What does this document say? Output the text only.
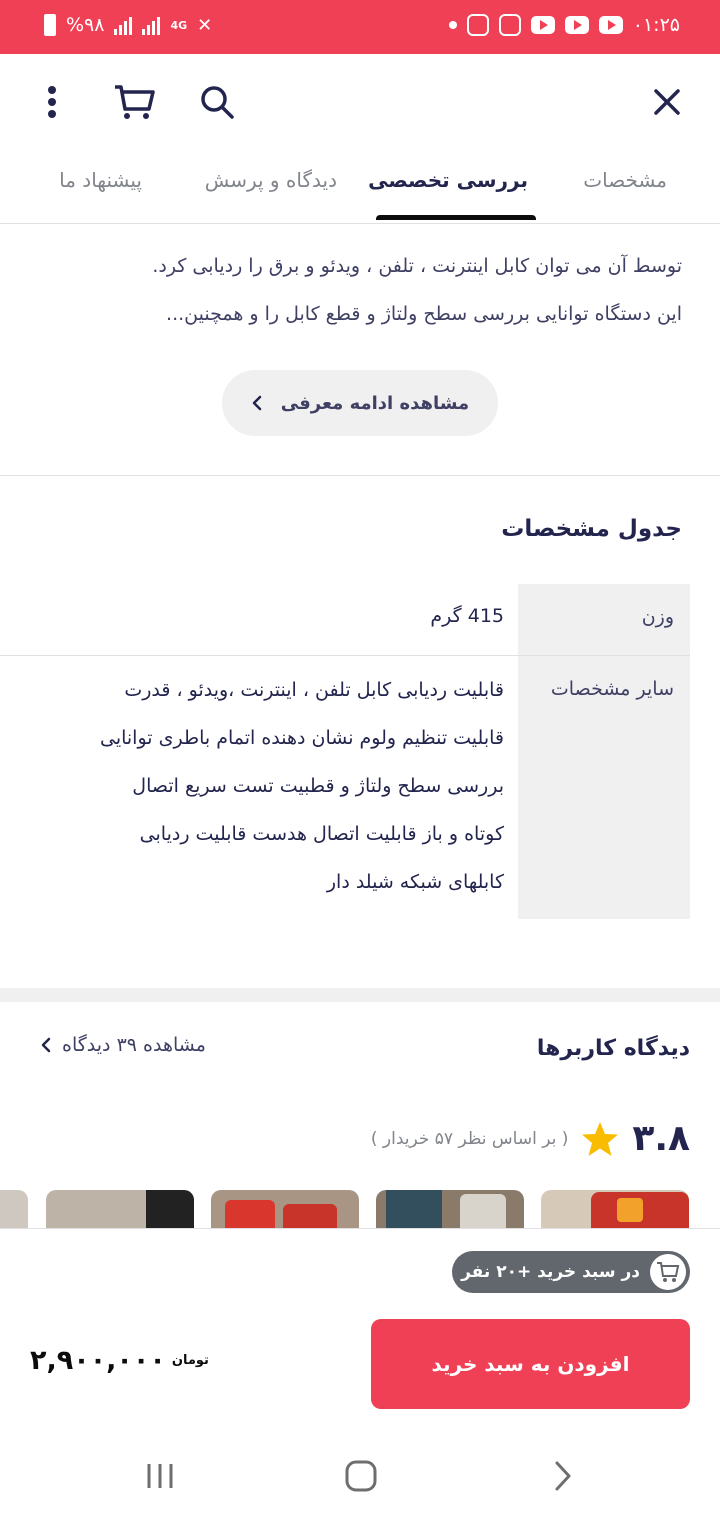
%۹۸	4G ✕	۰۱:۲۵
مشخصات
بررسی تخصصی
دیدگاه و پرسش
پیشنهاد ما
توسط آن می توان کابل اینترنت ، تلفن ، ویدئو و برق را ردیابی کرد.
این دستگاه توانایی بررسی سطح ولتاژ و قطع کابل را و همچنین...
مشاهده ادامه معرفی
جدول مشخصات
وزن
415 گرم
سایر مشخصات
قابلیت ردیابی کابل تلفن ، اینترنت ،ویدئو ، قدرت
قابلیت تنظیم ولوم نشان دهنده اتمام باطری توانایی
بررسی سطح ولتاژ و قطبیت تست سریع اتصال
کوتاه و باز قابلیت اتصال هدست قابلیت ردیابی
کابلهای شبکه شیلد دار
دیدگاه کاربرها
مشاهده ۳۹ دیدگاه
۳.۸
( بر اساس نظر ۵۷ خریدار )
در سبد خرید +۲۰ نفر
افزودن به سبد خرید
۲,۹۰۰,۰۰۰ تومان
